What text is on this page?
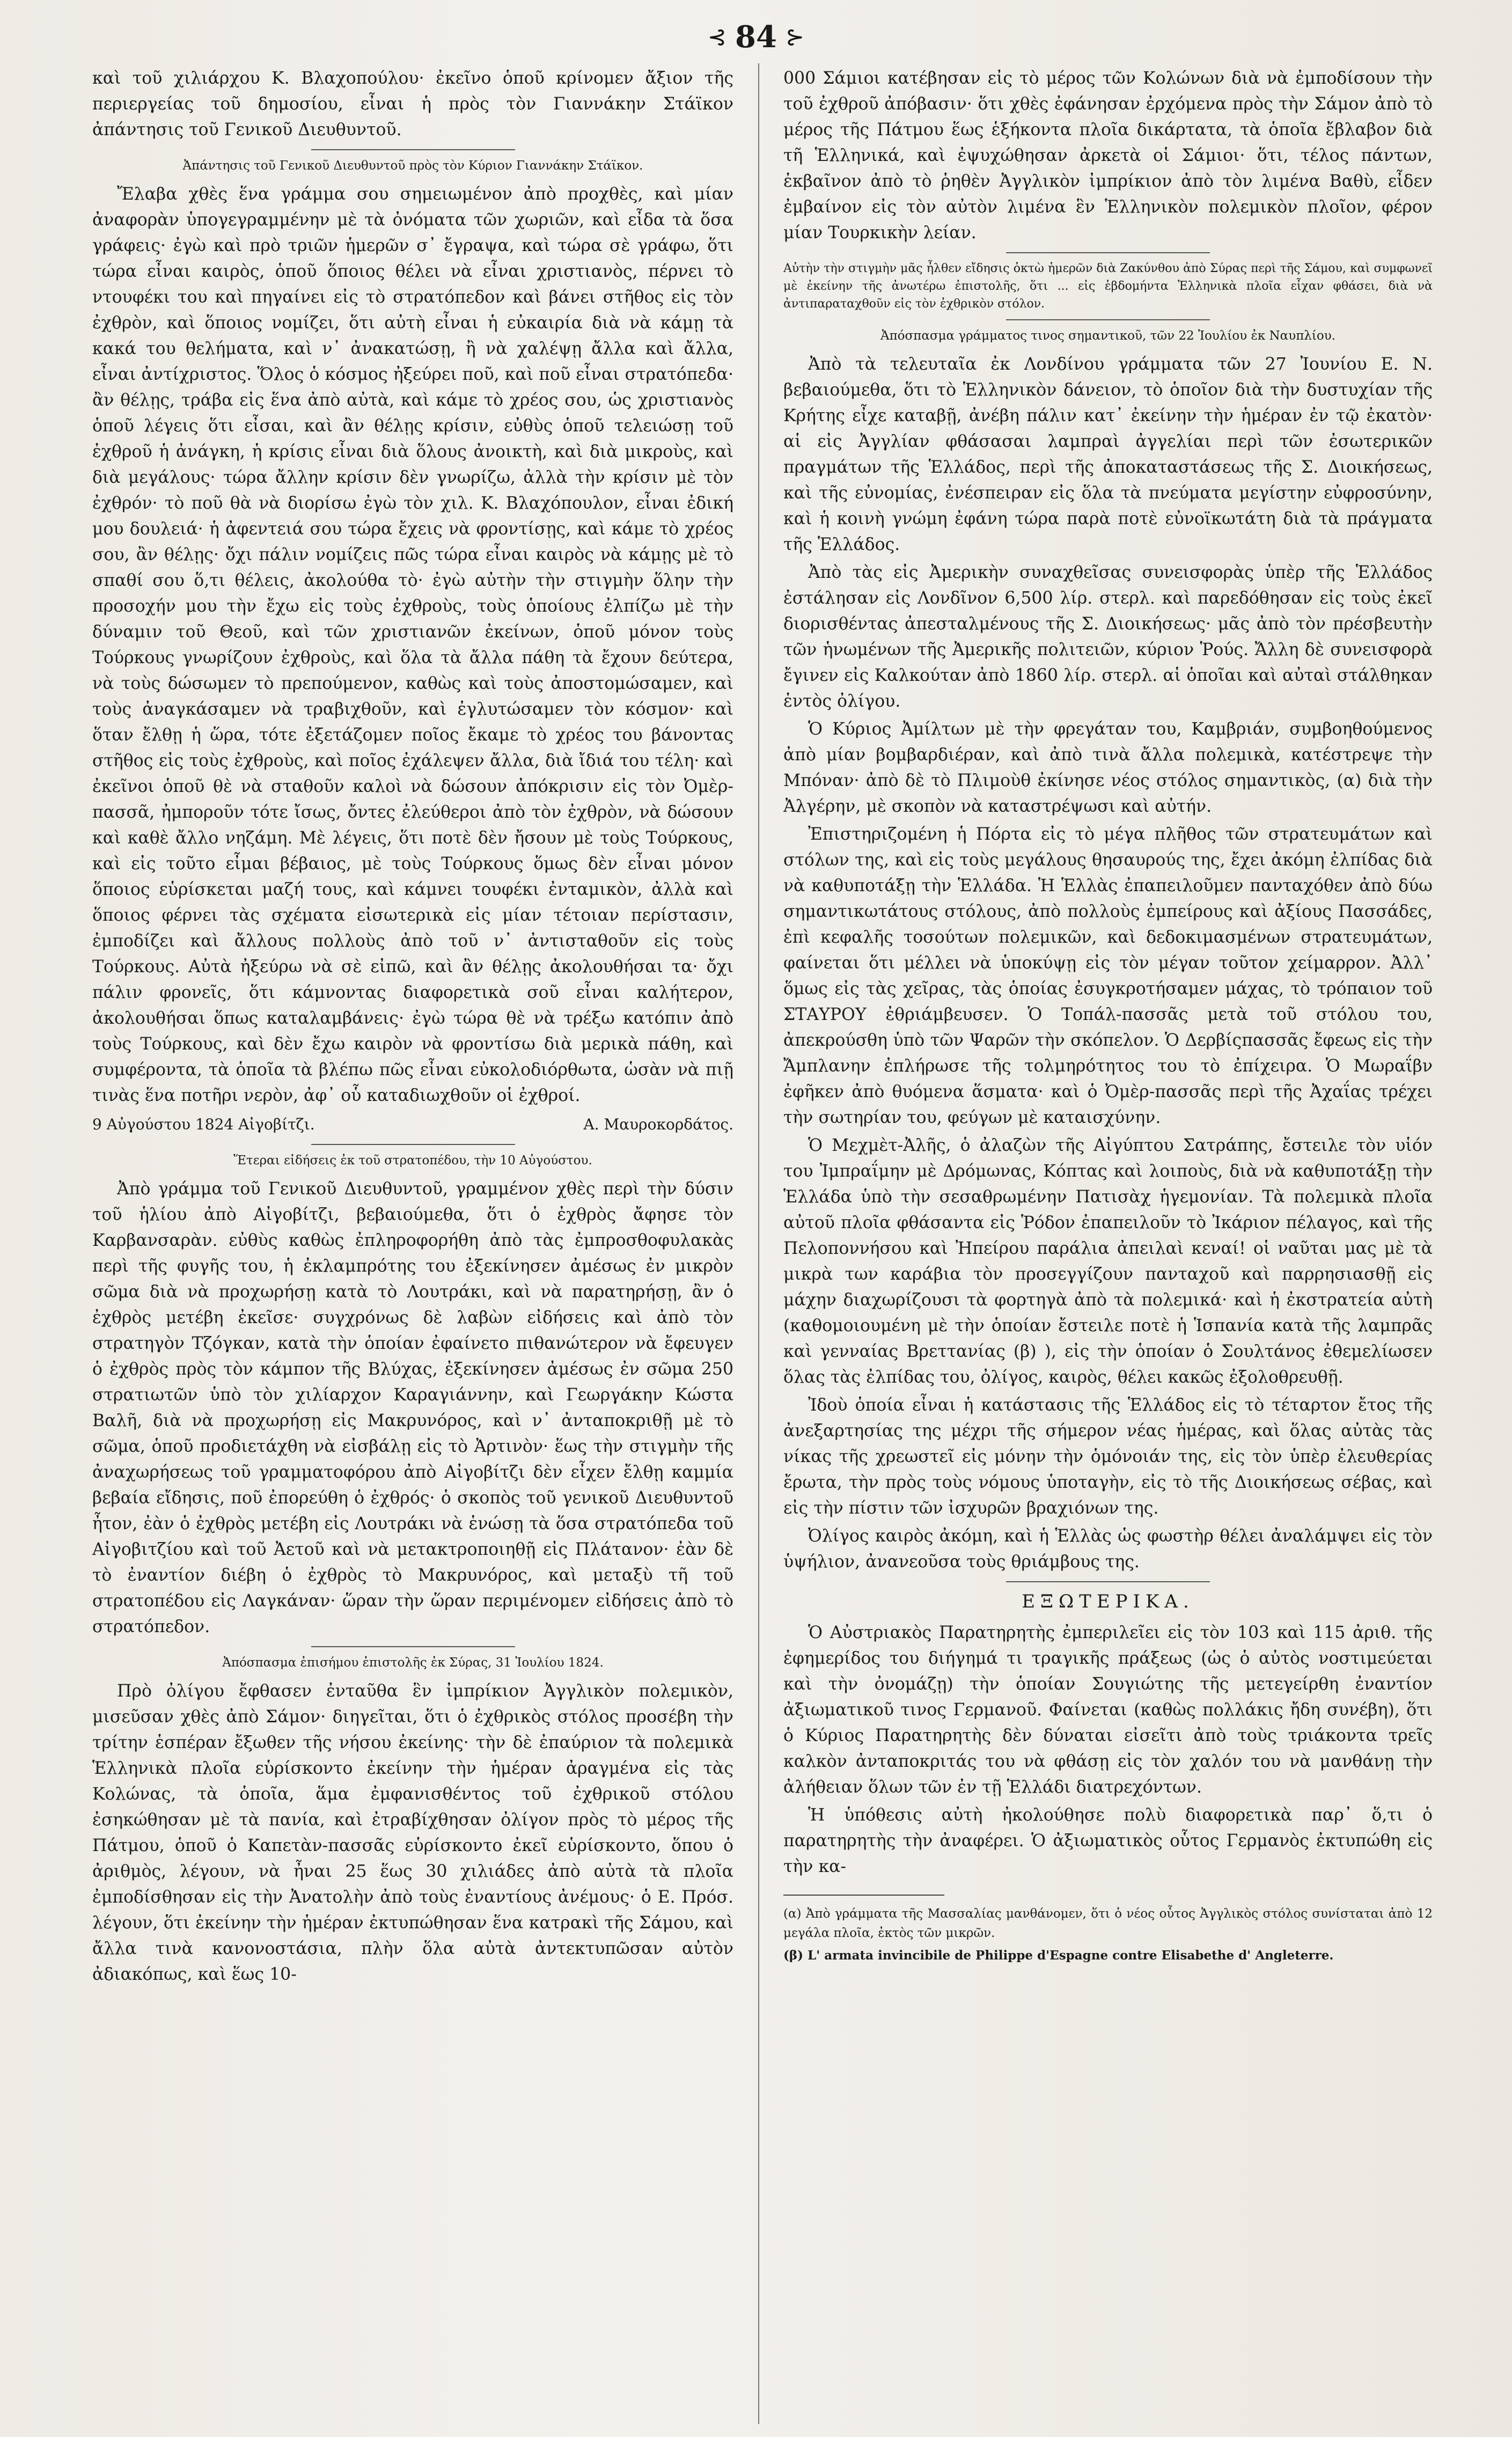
⊰ 84 ⊱

καὶ τοῦ χιλιάρχου Κ. Βλαχοπούλου· ἐκεῖνο ὁποῦ κρίνομεν ἄξιον τῆς περιεργείας τοῦ δημοσίου, εἶναι ἡ πρὸς τὸν Γιαννάκην Στάϊκον ἀπάντησις τοῦ Γενικοῦ Διευθυντοῦ.

Ἀπάντησις τοῦ Γενικοῦ Διευθυντοῦ πρὸς τὸν Κύριον Γιαννάκην Στάϊκον.

Ἔλαβα χθὲς ἕνα γράμμα σου σημειωμένον ἀπὸ προχθὲς, καὶ μίαν ἀναφορὰν ὑπογεγραμμένην μὲ τὰ ὀνόματα τῶν χωριῶν, καὶ εἶδα τὰ ὅσα γράφεις· ἐγὼ καὶ πρὸ τριῶν ἡμερῶν σ᾽ ἔγραψα, καὶ τώρα σὲ γράφω, ὅτι τώρα εἶναι καιρὸς, ὁποῦ ὅποιος θέλει νὰ εἶναι χριστιανὸς, πέρνει τὸ ντουφέκι του καὶ πηγαίνει εἰς τὸ στρατόπεδον καὶ βάνει στῆθος εἰς τὸν ἐχθρὸν, καὶ ὅποιος νομίζει, ὅτι αὐτὴ εἶναι ἡ εὐκαιρία διὰ νὰ κάμῃ τὰ κακά του θελήματα, καὶ ν᾽ ἀνακατώσῃ, ἢ νὰ χαλέψῃ ἄλλα καὶ ἄλλα, εἶναι ἀντίχριστος. Ὅλος ὁ κόσμος ἠξεύρει ποῦ, καὶ ποῦ εἶναι στρατόπεδα· ἂν θέλῃς, τράβα εἰς ἕνα ἀπὸ αὐτὰ, καὶ κάμε τὸ χρέος σου, ὡς χριστιανὸς ὁποῦ λέγεις ὅτι εἶσαι, καὶ ἂν θέλῃς κρίσιν, εὐθὺς ὁποῦ τελειώσῃ τοῦ ἐχθροῦ ἡ ἀνάγκη, ἡ κρίσις εἶναι διὰ ὅλους ἀνοικτὴ, καὶ διὰ μικροὺς, καὶ διὰ μεγάλους· τώρα ἄλλην κρίσιν δὲν γνωρίζω, ἀλλὰ τὴν κρίσιν μὲ τὸν ἐχθρόν· τὸ ποῦ θὰ νὰ διορίσω ἐγὼ τὸν χιλ. Κ. Βλαχόπουλον, εἶναι ἐδική μου δουλειά· ἡ ἀφεντειά σου τώρα ἔχεις νὰ φροντίσῃς, καὶ κάμε τὸ χρέος σου, ἂν θέλῃς· ὄχι πάλιν νομίζεις πῶς τώρα εἶναι καιρὸς νὰ κάμῃς μὲ τὸ σπαθί σου ὅ,τι θέλεις, ἀκολούθα τὸ· ἐγὼ αὐτὴν τὴν στιγμὴν ὅλην τὴν προσοχήν μου τὴν ἔχω εἰς τοὺς ἐχθροὺς, τοὺς ὁποίους ἐλπίζω μὲ τὴν δύναμιν τοῦ Θεοῦ, καὶ τῶν χριστιανῶν ἐκείνων, ὁποῦ μόνον τοὺς Τούρκους γνωρίζουν ἐχθροὺς, καὶ ὅλα τὰ ἄλλα πάθη τὰ ἔχουν δεύτερα, νὰ τοὺς δώσωμεν τὸ πρεπούμενον, καθὼς καὶ τοὺς ἀποστομώσαμεν, καὶ τοὺς ἀναγκάσαμεν νὰ τραβιχθοῦν, καὶ ἐγλυτώσαμεν τὸν κόσμον· καὶ ὅταν ἔλθῃ ἡ ὥρα, τότε ἐξετάζομεν ποῖος ἔκαμε τὸ χρέος του βάνοντας στῆθος εἰς τοὺς ἐχθροὺς, καὶ ποῖος ἐχάλεψεν ἄλλα, διὰ ἴδιά του τέλη· καὶ ἐκεῖνοι ὁποῦ θὲ νὰ σταθοῦν καλοὶ νὰ δώσουν ἀπόκρισιν εἰς τὸν Ὀμὲρ-πασσᾶ, ἠμποροῦν τότε ἴσως, ὄντες ἐλεύθεροι ἀπὸ τὸν ἐχθρὸν, νὰ δώσουν καὶ καθὲ ἄλλο νηζάμη. Μὲ λέγεις, ὅτι ποτὲ δὲν ἤσουν μὲ τοὺς Τούρκους, καὶ εἰς τοῦτο εἶμαι βέβαιος, μὲ τοὺς Τούρκους ὅμως δὲν εἶναι μόνον ὅποιος εὑρίσκεται μαζή τους, καὶ κάμνει τουφέκι ἐνταμικὸν, ἀλλὰ καὶ ὅποιος φέρνει τὰς σχέματα εἰσωτερικὰ εἰς μίαν τέτοιαν περίστασιν, ἐμποδίζει καὶ ἄλλους πολλοὺς ἀπὸ τοῦ ν᾽ ἀντισταθοῦν εἰς τοὺς Τούρκους. Αὐτὰ ἠξεύρω νὰ σὲ εἰπῶ, καὶ ἂν θέλῃς ἀκολουθήσαι τα· ὄχι πάλιν φρονεῖς, ὅτι κάμνοντας διαφορετικὰ σοῦ εἶναι καλήτερον, ἀκολουθήσαι ὅπως καταλαμβάνεις· ἐγὼ τώρα θὲ νὰ τρέξω κατόπιν ἀπὸ τοὺς Τούρκους, καὶ δὲν ἔχω καιρὸν νὰ φροντίσω διὰ μερικὰ πάθη, καὶ συμφέροντα, τὰ ὁποῖα τὰ βλέπω πῶς εἶναι εὐκολοδιόρθωτα, ὡσὰν νὰ πιῇ τινὰς ἕνα ποτῆρι νερὸν, ἀφ᾽ οὗ καταδιωχθοῦν οἱ ἐχθροί.

9 Αὐγούστου 1824 Αἰγοβίτζι.	Α. Μαυροκορδάτος.
Ἕτεραι εἰδήσεις ἐκ τοῦ στρατοπέδου, τὴν 10 Αὐγούστου.

Ἀπὸ γράμμα τοῦ Γενικοῦ Διευθυντοῦ, γραμμένον χθὲς περὶ τὴν δύσιν τοῦ ἡλίου ἀπὸ Αἰγοβίτζι, βεβαιούμεθα, ὅτι ὁ ἐχθρὸς ἄφησε τὸν Καρβανσαρὰν. εὐθὺς καθὼς ἐπληροφορήθη ἀπὸ τὰς ἐμπροσθοφυλακὰς περὶ τῆς φυγῆς του, ἡ ἐκλαμπρότης του ἐξεκίνησεν ἀμέσως ἐν μικρὸν σῶμα διὰ νὰ προχωρήσῃ κατὰ τὸ Λουτράκι, καὶ νὰ παρατηρήσῃ, ἂν ὁ ἐχθρὸς μετέβη ἐκεῖσε· συγχρόνως δὲ λαβὼν εἰδήσεις καὶ ἀπὸ τὸν στρατηγὸν Τζόγκαν, κατὰ τὴν ὁποίαν ἐφαίνετο πιθανώτερον νὰ ἔφευγεν ὁ ἐχθρὸς πρὸς τὸν κάμπον τῆς Βλύχας, ἐξεκίνησεν ἀμέσως ἐν σῶμα 250 στρατιωτῶν ὑπὸ τὸν χιλίαρχον Καραγιάννην, καὶ Γεωργάκην Κώστα Βαλῆ, διὰ νὰ προχωρήσῃ εἰς Μακρυνόρος, καὶ ν᾽ ἀνταποκριθῇ μὲ τὸ σῶμα, ὁποῦ προδιετάχθη νὰ εἰσβάλῃ εἰς τὸ Ἀρτινὸν· ἕως τὴν στιγμὴν τῆς ἀναχωρήσεως τοῦ γραμματοφόρου ἀπὸ Αἰγοβίτζι δὲν εἶχεν ἔλθῃ καμμία βεβαία εἴδησις, ποῦ ἐπορεύθη ὁ ἐχθρός· ὁ σκοπὸς τοῦ γενικοῦ Διευθυντοῦ ἦτον, ἐὰν ὁ ἐχθρὸς μετέβη εἰς Λουτράκι νὰ ἑνώσῃ τὰ ὅσα στρατόπεδα τοῦ Αἰγοβιτζίου καὶ τοῦ Ἀετοῦ καὶ νὰ μετακτροποιηθῇ εἰς Πλάτανον· ἐὰν δὲ τὸ ἐναντίον διέβη ὁ ἐχθρὸς τὸ Μακρυνόρος, καὶ μεταξὺ τῆ τοῦ στρατοπέδου εἰς Λαγκάναν· ὥραν τὴν ὥραν περιμένομεν εἰδήσεις ἀπὸ τὸ στρατόπεδον.

Ἀπόσπασμα ἐπισήμου ἐπιστολῆς ἐκ Σύρας, 31 Ἰουλίου 1824.

Πρὸ ὀλίγου ἔφθασεν ἐνταῦθα ἓν ἰμπρίκιον Ἀγγλικὸν πολεμικὸν, μισεῦσαν χθὲς ἀπὸ Σάμον· διηγεῖται, ὅτι ὁ ἐχθρικὸς στόλος προσέβη τὴν τρίτην ἑσπέραν ἔξωθεν τῆς νήσου ἐκείνης· τὴν δὲ ἐπαύριον τὰ πολεμικὰ Ἑλληνικὰ πλοῖα εὑρίσκοντο ἐκείνην τὴν ἡμέραν ἀραγμένα εἰς τὰς Κολώνας, τὰ ὁποῖα, ἅμα ἐμφανισθέντος τοῦ ἐχθρικοῦ στόλου ἐσηκώθησαν μὲ τὰ πανία, καὶ ἐτραβίχθησαν ὀλίγον πρὸς τὸ μέρος τῆς Πάτμου, ὁποῦ ὁ Καπετὰν-πασσᾶς εὑρίσκοντο ἐκεῖ εὑρίσκοντο, ὅπου ὁ ἀριθμὸς, λέγουν, νὰ ἦναι 25 ἕως 30 χιλιάδες ἀπὸ αὐτὰ τὰ πλοῖα ἐμποδίσθησαν εἰς τὴν Ἀνατολὴν ἀπὸ τοὺς ἐναντίους ἀνέμους· ὁ Ε. Πρόσ. λέγουν, ὅτι ἐκείνην τὴν ἡμέραν ἐκτυπώθησαν ἕνα κατρακὶ τῆς Σάμου, καὶ ἄλλα τινὰ κανονοστάσια, πλὴν ὅλα αὐτὰ ἀντεκτυπῶσαν αὐτὸν ἀδιακόπως, καὶ ἕως 10-

000 Σάμιοι κατέβησαν εἰς τὸ μέρος τῶν Κολώνων διὰ νὰ ἐμποδίσουν τὴν τοῦ ἐχθροῦ ἀπόβασιν· ὅτι χθὲς ἐφάνησαν ἐρχόμενα πρὸς τὴν Σάμον ἀπὸ τὸ μέρος τῆς Πάτμου ἕως ἑξήκοντα πλοῖα δικάρτατα, τὰ ὁποῖα ἔβλαβον διὰ τῆ Ἑλληνικά, καὶ ἐψυχώθησαν ἀρκετὰ οἱ Σάμιοι· ὅτι, τέλος πάντων, ἐκβαῖνον ἀπὸ τὸ ῥηθὲν Ἀγγλικὸν ἰμπρίκιον ἀπὸ τὸν λιμένα Βαθὺ, εἶδεν ἐμβαίνον εἰς τὸν αὐτὸν λιμένα ἓν Ἑλληνικὸν πολεμικὸν πλοῖον, φέρον μίαν Τουρκικὴν λείαν.

Αὐτὴν τὴν στιγμὴν μᾶς ἦλθεν εἴδησις ὀκτὼ ἡμερῶν διὰ Ζακύνθου ἀπὸ Σύρας περὶ τῆς Σάμου, καὶ συμφωνεῖ μὲ ἐκείνην τῆς ἀνωτέρω ἐπιστολῆς, ὅτι ... εἰς ἑβδομήντα Ἑλληνικὰ πλοῖα εἶχαν φθάσει, διὰ νὰ ἀντιπαραταχθοῦν εἰς τὸν ἐχθρικὸν στόλον.
Ἀπόσπασμα γράμματος τινος σημαντικοῦ, τῶν 22 Ἰουλίου ἐκ Ναυπλίου.

Ἀπὸ τὰ τελευταῖα ἐκ Λονδίνου γράμματα τῶν 27 Ἰουνίου Ε. Ν. βεβαιούμεθα, ὅτι τὸ Ἑλληνικὸν δάνειον, τὸ ὁποῖον διὰ τὴν δυστυχίαν τῆς Κρήτης εἶχε καταβῇ, ἀνέβη πάλιν κατ᾽ ἐκείνην τὴν ἡμέραν ἐν τῷ ἐκατὸν· αἱ εἰς Ἀγγλίαν φθάσασαι λαμπραὶ ἀγγελίαι περὶ τῶν ἐσωτερικῶν πραγμάτων τῆς Ἑλλάδος, περὶ τῆς ἀποκαταστάσεως τῆς Σ. Διοικήσεως, καὶ τῆς εὐνομίας, ἐνέσπειραν εἰς ὅλα τὰ πνεύματα μεγίστην εὐφροσύνην, καὶ ἡ κοινὴ γνώμη ἐφάνη τώρα παρὰ ποτὲ εὐνοϊκωτάτη διὰ τὰ πράγματα τῆς Ἑλλάδος.

Ἀπὸ τὰς εἰς Ἀμερικὴν συναχθεῖσας συνεισφορὰς ὑπὲρ τῆς Ἑλλάδος ἐστάλησαν εἰς Λονδῖνον 6,500 λίρ. στερλ. καὶ παρεδόθησαν εἰς τοὺς ἐκεῖ διορισθέντας ἀπεσταλμένους τῆς Σ. Διοικήσεως· μᾶς ἀπὸ τὸν πρέσβευτὴν τῶν ἡνωμένων τῆς Ἀμερικῆς πολιτειῶν, κύριον Ῥούς. Ἄλλη δὲ συνεισφορὰ ἔγινεν εἰς Καλκούταν ἀπὸ 1860 λίρ. στερλ. αἱ ὁποῖαι καὶ αὐταὶ στάλθηκαν ἐντὸς ὀλίγου.

Ὁ Κύριος Ἀμίλτων μὲ τὴν φρεγάταν του, Καμβριάν, συμβοηθούμενος ἀπὸ μίαν βομβαρδιέραν, καὶ ἀπὸ τινὰ ἄλλα πολεμικὰ, κατέστρεψε τὴν Μπόναν· ἀπὸ δὲ τὸ Πλιμοὺθ ἐκίνησε νέος στόλος σημαντικὸς, (α) διὰ τὴν Ἀλγέρην, μὲ σκοπὸν νὰ καταστρέψωσι καὶ αὐτήν.

Ἐπιστηριζομένη ἡ Πόρτα εἰς τὸ μέγα πλῆθος τῶν στρατευμάτων καὶ στόλων της, καὶ εἰς τοὺς μεγάλους θησαυρούς της, ἔχει ἀκόμη ἐλπίδας διὰ νὰ καθυποτάξῃ τὴν Ἑλλάδα. Ἡ Ἑλλὰς ἐπαπειλοῦμεν πανταχόθεν ἀπὸ δύω σημαντικωτάτους στόλους, ἀπὸ πολλοὺς ἐμπείρους καὶ ἀξίους Πασσάδες, ἐπὶ κεφαλῆς τοσούτων πολεμικῶν, καὶ δεδοκιμασμένων στρατευμάτων, φαίνεται ὅτι μέλλει νὰ ὑποκύψῃ εἰς τὸν μέγαν τοῦτον χείμαρρον. Ἀλλ᾽ ὅμως εἰς τὰς χεῖρας, τὰς ὁποίας ἐσυγκροτήσαμεν μάχας, τὸ τρόπαιον τοῦ ΣΤΑΥΡΟΥ ἐθριάμβευσεν. Ὁ Τοπάλ-πασσᾶς μετὰ τοῦ στόλου του, ἀπεκρούσθη ὑπὸ τῶν Ψαρῶν τὴν σκόπελον. Ὁ Δερβίςπασσᾶς ἔφεως εἰς τὴν Ἄμπλανην ἐπλήρωσε τῆς τολμηρότητος του τὸ ἐπίχειρα. Ὁ Μωραΐβν ἐφῆκεν ἀπὸ θυόμενα ἅσματα· καὶ ὁ Ὀμὲρ-πασσᾶς περὶ τῆς Ἀχαΐας τρέχει τὴν σωτηρίαν του, φεύγων μὲ καταισχύνην.

Ὁ Μεχμὲτ-Ἀλῆς, ὁ ἀλαζὼν τῆς Αἰγύπτου Σατράπης, ἔστειλε τὸν υἱόν του Ἰμπραΐμην μὲ Δρόμωνας, Κόπτας καὶ λοιποὺς, διὰ νὰ καθυποτάξῃ τὴν Ἑλλάδα ὑπὸ τὴν σεσαθρωμένην Πατισὰχ ἡγεμονίαν. Τὰ πολεμικὰ πλοῖα αὐτοῦ πλοῖα φθάσαντα εἰς Ῥόδον ἐπαπειλοῦν τὸ Ἰκάριον πέλαγος, καὶ τῆς Πελοποννήσου καὶ Ἠπείρου παράλια ἀπειλαὶ κεναί! οἱ ναῦται μας μὲ τὰ μικρὰ των καράβια τὸν προσεγγίζουν πανταχοῦ καὶ παρρησιασθῇ εἰς μάχην διαχωρίζουσι τὰ φορτηγὰ ἀπὸ τὰ πολεμικά· καὶ ἡ ἐκστρατεία αὐτὴ (καθομοιουμένη μὲ τὴν ὁποίαν ἔστειλε ποτὲ ἡ Ἱσπανία κατὰ τῆς λαμπρᾶς καὶ γενναίας Βρεττανίας (β) ), εἰς τὴν ὁποίαν ὁ Σουλτάνος ἐθεμελίωσεν ὅλας τὰς ἐλπίδας του, ὀλίγος, καιρὸς, θέλει κακῶς ἐξολοθρευθῇ.

Ἰδοὺ ὁποία εἶναι ἡ κατάστασις τῆς Ἑλλάδος εἰς τὸ τέταρτον ἔτος τῆς ἀνεξαρτησίας της μέχρι τῆς σήμερον νέας ἡμέρας, καὶ ὅλας αὐτὰς τὰς νίκας τῆς χρεωστεῖ εἰς μόνην τὴν ὁμόνοιάν της, εἰς τὸν ὑπὲρ ἐλευθερίας ἔρωτα, τὴν πρὸς τοὺς νόμους ὑποταγὴν, εἰς τὸ τῆς Διοικήσεως σέβας, καὶ εἰς τὴν πίστιν τῶν ἰσχυρῶν βραχιόνων της.

Ὀλίγος καιρὸς ἀκόμη, καὶ ἡ Ἑλλὰς ὡς φωστὴρ θέλει ἀναλάμψει εἰς τὸν ὑψήλιον, ἀνανεοῦσα τοὺς θριάμβους της.

ΕΞΩΤΕΡΙΚΑ.

Ὁ Αὐστριακὸς Παρατηρητὴς ἐμπεριλεῖει εἰς τὸν 103 καὶ 115 ἀριθ. τῆς ἐφημερίδος του διήγημά τι τραγικῆς πράξεως (ὡς ὁ αὐτὸς νοστιμεύεται καὶ τὴν ὀνομάζῃ) τὴν ὁποίαν Σουγιώτης τῆς μετεγείρθη ἐναντίον ἀξιωματικοῦ τινος Γερμανοῦ. Φαίνεται (καθὼς πολλάκις ἤδη συνέβη), ὅτι ὁ Κύριος Παρατηρητὴς δὲν δύναται εἰσεῖτι ἀπὸ τοὺς τριάκοντα τρεῖς καλκὸν ἀνταποκριτάς του νὰ φθάσῃ εἰς τὸν χαλόν του νὰ μανθάνῃ τὴν ἀλήθειαν ὅλων τῶν ἐν τῇ Ἑλλάδι διατρεχόντων.

Ἡ ὑπόθεσις αὐτὴ ἠκολούθησε πολὺ διαφορετικὰ παρ᾽ ὅ,τι ὁ παρατηρητὴς τὴν ἀναφέρει. Ὁ ἀξιωματικὸς οὗτος Γερμανὸς ἐκτυπώθη εἰς τὴν κα-

(α) Ἀπὸ γράμματα τῆς Μασσαλίας μανθάνομεν, ὅτι ὁ νέος οὗτος Ἀγγλικὸς στόλος συνίσταται ἀπὸ 12 μεγάλα πλοῖα, ἐκτὸς τῶν μικρῶν.
(β) L' armata invincibile de Philippe d'Espagne contre Elisabethe d' Angleterre.
